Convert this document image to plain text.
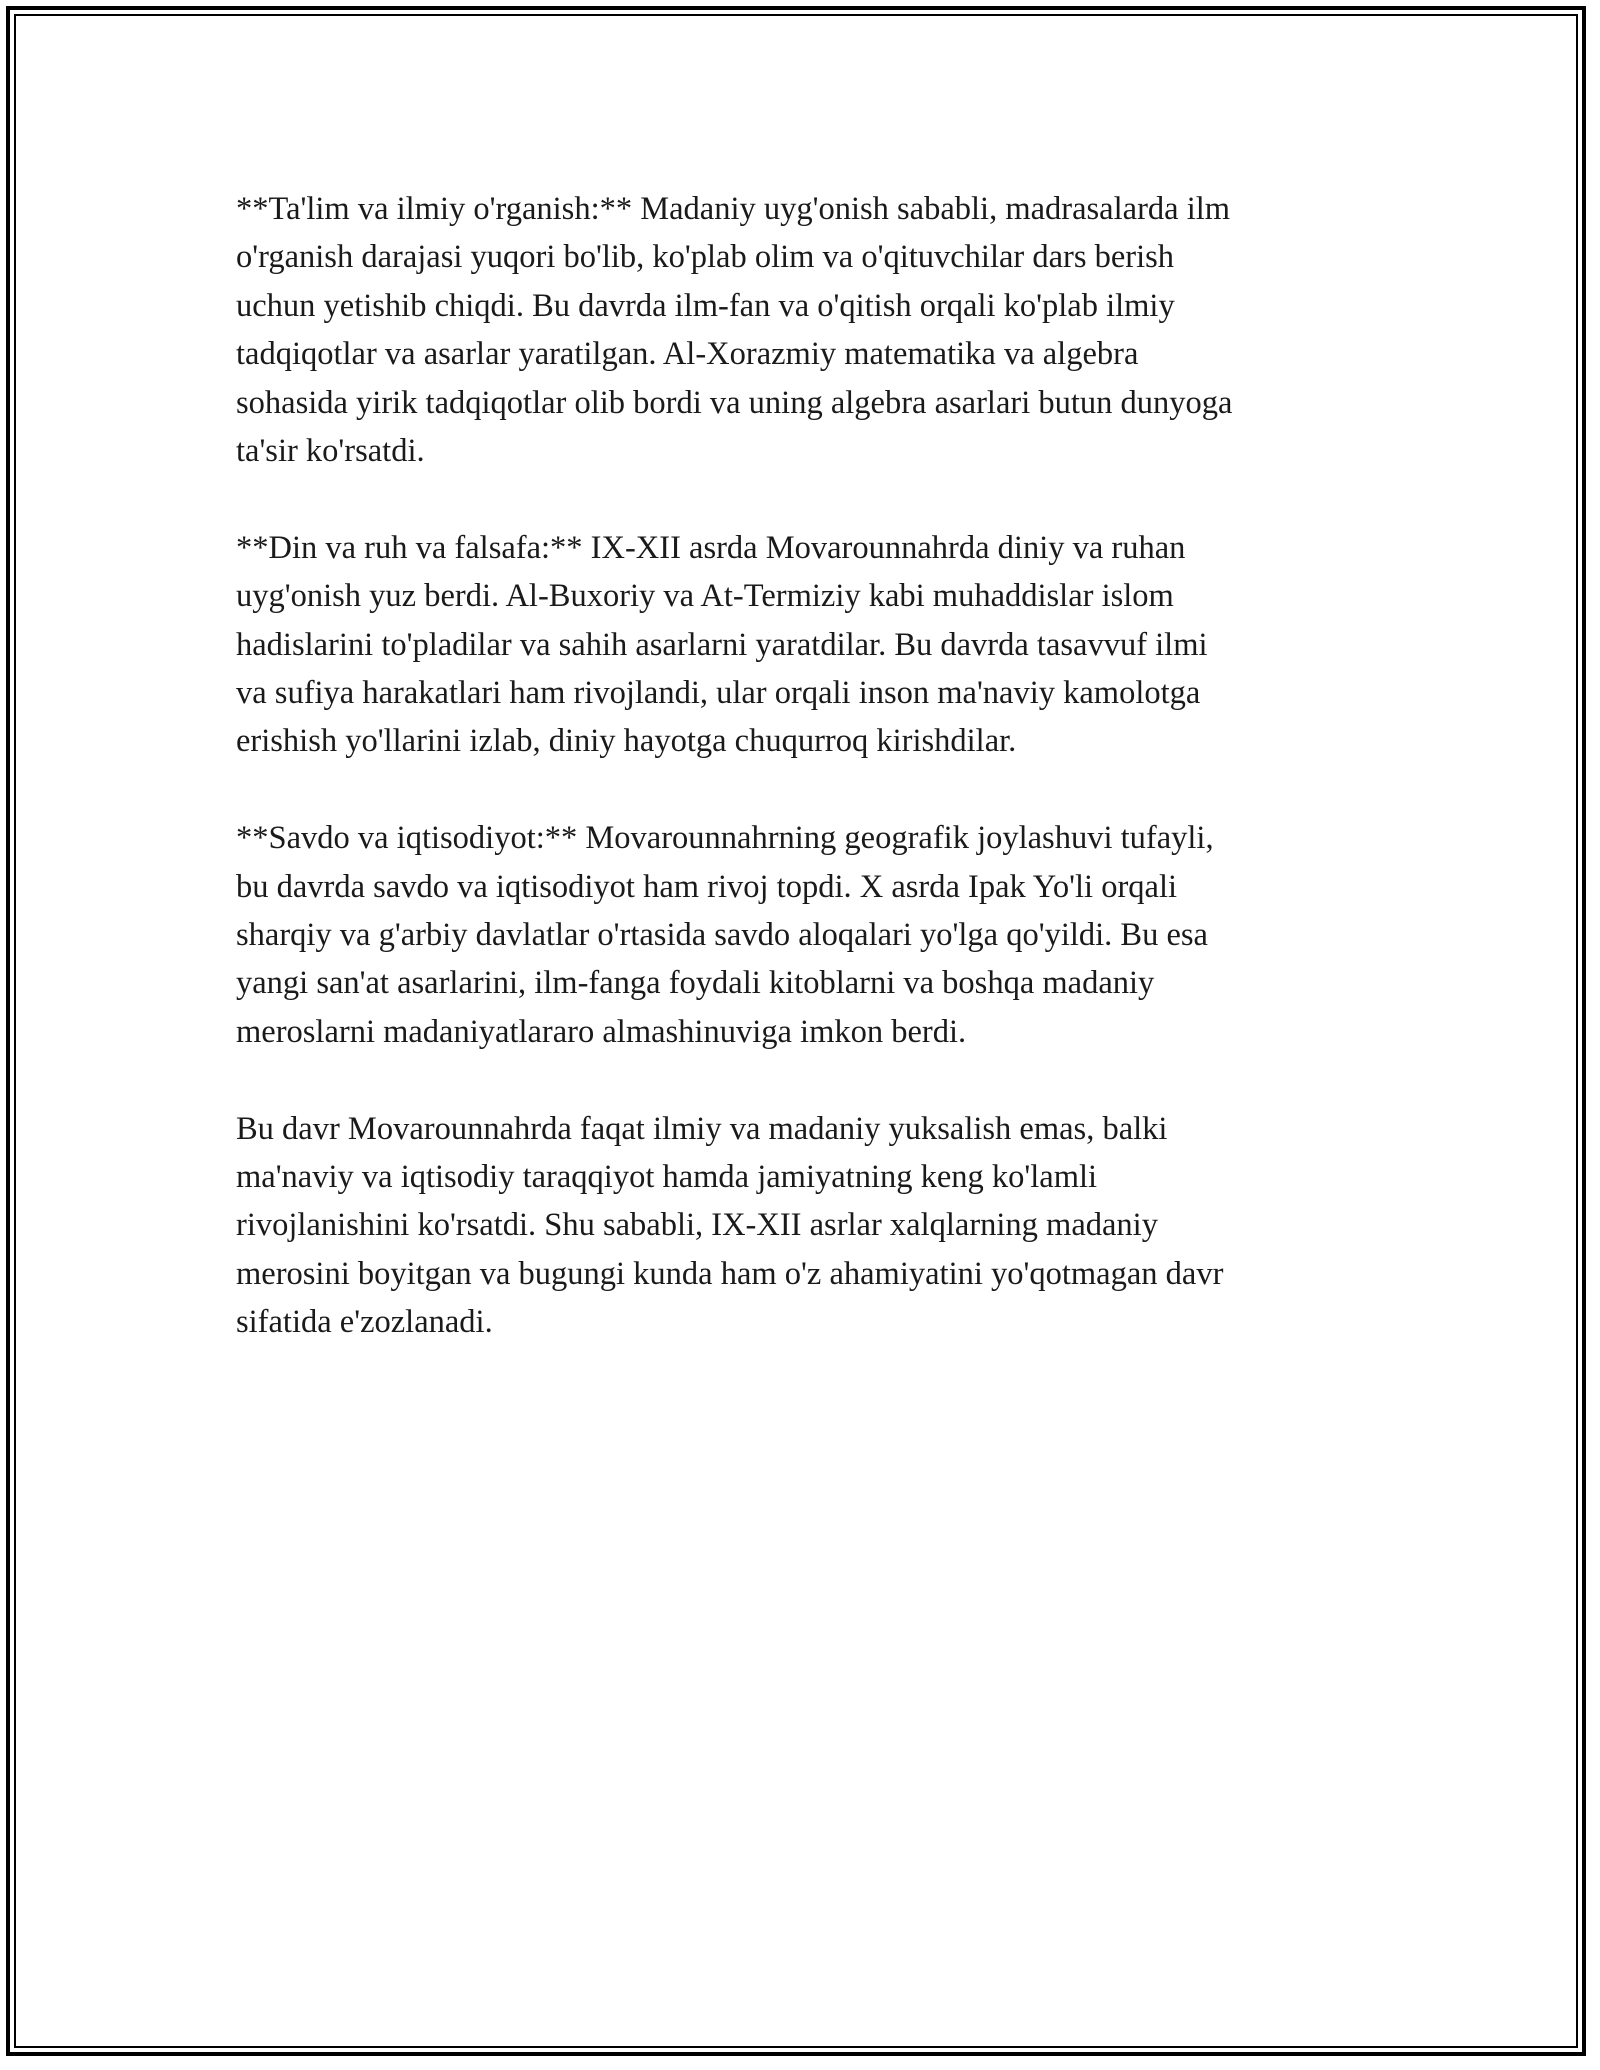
**Ta'lim va ilmiy o'rganish:** Madaniy uyg'onish sababli, madrasalarda ilm
o'rganish darajasi yuqori bo'lib, ko'plab olim va o'qituvchilar dars berish
uchun yetishib chiqdi. Bu davrda ilm-fan va o'qitish orqali ko'plab ilmiy
tadqiqotlar va asarlar yaratilgan. Al-Xorazmiy matematika va algebra
sohasida yirik tadqiqotlar olib bordi va uning algebra asarlari butun dunyoga
ta'sir ko'rsatdi.

**Din va ruh va falsafa:** IX-XII asrda Movarounnahrda diniy va ruhan
uyg'onish yuz berdi. Al-Buxoriy va At-Termiziy kabi muhaddislar islom
hadislarini to'pladilar va sahih asarlarni yaratdilar. Bu davrda tasavvuf ilmi
va sufiya harakatlari ham rivojlandi, ular orqali inson ma'naviy kamolotga
erishish yo'llarini izlab, diniy hayotga chuqurroq kirishdilar.

**Savdo va iqtisodiyot:** Movarounnahrning geografik joylashuvi tufayli,
bu davrda savdo va iqtisodiyot ham rivoj topdi. X asrda Ipak Yo'li orqali
sharqiy va g'arbiy davlatlar o'rtasida savdo aloqalari yo'lga qo'yildi. Bu esa
yangi san'at asarlarini, ilm-fanga foydali kitoblarni va boshqa madaniy
meroslarni madaniyatlararo almashinuviga imkon berdi.

Bu davr Movarounnahrda faqat ilmiy va madaniy yuksalish emas, balki
ma'naviy va iqtisodiy taraqqiyot hamda jamiyatning keng ko'lamli
rivojlanishini ko'rsatdi. Shu sababli, IX-XII asrlar xalqlarning madaniy
merosini boyitgan va bugungi kunda ham o'z ahamiyatini yo'qotmagan davr
sifatida e'zozlanadi.
